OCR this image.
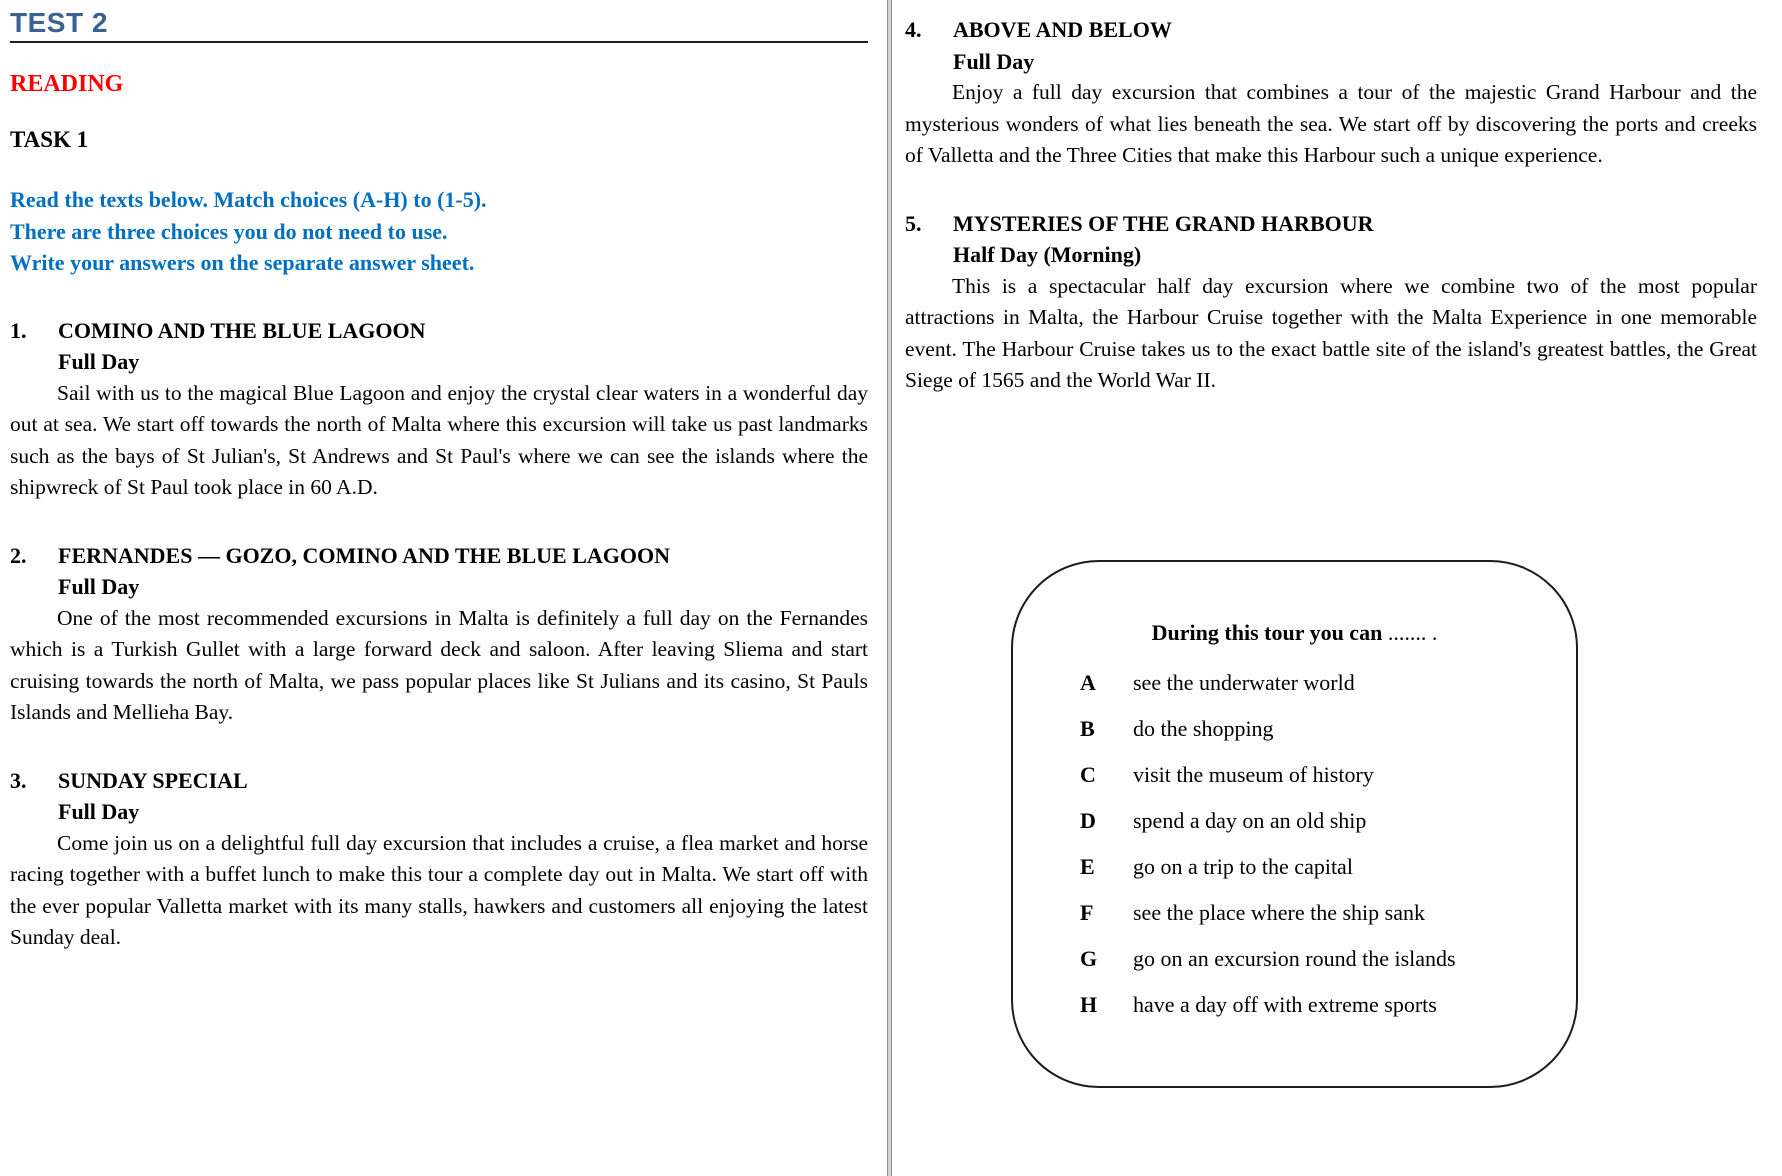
TEST 2
READING
TASK 1
Read the texts below. Match choices (A-H) to (1-5).
There are three choices you do not need to use.
Write your answers on the separate answer sheet.
1.	COMINO AND THE BLUE LAGOON
Full Day

Sail with us to the magical Blue Lagoon and enjoy the crystal clear waters in a wonderful day out at sea. We start off towards the north of Malta where this excursion will take us past landmarks such as the bays of St Julian's, St Andrews and St Paul's where we can see the islands where the shipwreck of St Paul took place in 60 A.D.

2.	FERNANDES — GOZO, COMINO AND THE BLUE LAGOON
Full Day

One of the most recommended excursions in Malta is definitely a full day on the Fernandes which is a Turkish Gullet with a large forward deck and saloon. After leaving Sliema and start cruising towards the north of Malta, we pass popular places like St Julians and its casino, St Pauls Islands and Mellieha Bay.

3.	SUNDAY SPECIAL
Full Day

Come join us on a delightful full day excursion that includes a cruise, a flea market and horse racing together with a buffet lunch to make this tour a complete day out in Malta. We start off with the ever popular Valletta market with its many stalls, hawkers and customers all enjoying the latest Sunday deal.

4.	ABOVE AND BELOW
Full Day

Enjoy a full day excursion that combines a tour of the majestic Grand Harbour and the mysterious wonders of what lies beneath the sea. We start off by discovering the ports and creeks of Valletta and the Three Cities that make this Harbour such a unique experience.

5.	MYSTERIES OF THE GRAND HARBOUR
Half Day (Morning)

This is a spectacular half day excursion where we combine two of the most popular attractions in Malta, the Harbour Cruise together with the Malta Experience in one memorable event. The Harbour Cruise takes us to the exact battle site of the island's greatest battles, the Great Siege of 1565 and the World War II.

During this tour you can ....... .
A	see the underwater world
B	do the shopping
C	visit the museum of history
D	spend a day on an old ship
E	go on a trip to the capital
F	see the place where the ship sank
G	go on an excursion round the islands
H	have a day off with extreme sports
